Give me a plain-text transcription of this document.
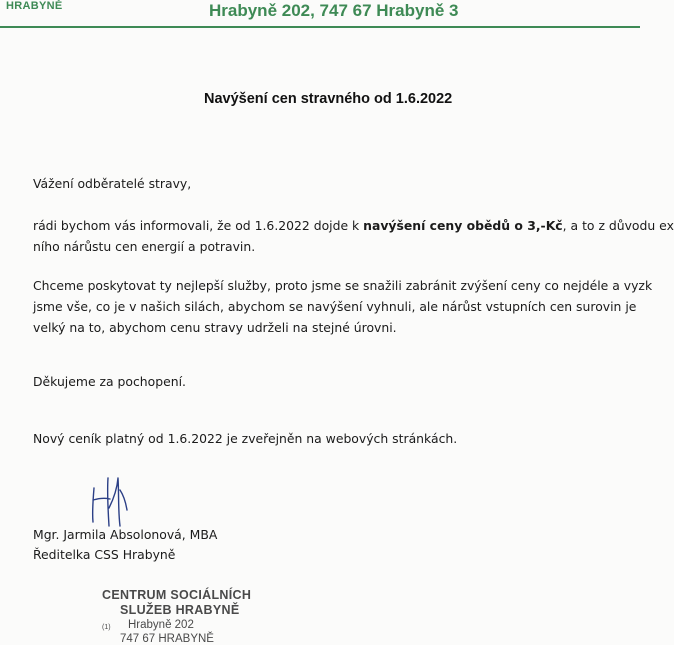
HRABYNĚ	Hrabyně 202, 747 67 Hrabyně 3
Navýšení cen stravného od 1.6.2022
Vážení odběratelé stravy,
rádi bychom vás informovali, že od 1.6.2022 dojde k navýšení ceny obědů o 3,-Kč, a to z důvodu ex
ního nárůstu cen energií a potravin.
Chceme poskytovat ty nejlepší služby, proto jsme se snažili zabránit zvýšení ceny co nejdéle a vyzk
jsme vše, co je v našich silách, abychom se navýšení vyhnuli, ale nárůst vstupních cen surovin je
velký na to, abychom cenu stravy udrželi na stejné úrovni.
Děkujeme za pochopení.
Nový ceník platný od 1.6.2022 je zveřejněn na webových stránkách.
Mgr. Jarmila Absolonová, MBA
Ředitelka CSS Hrabyně
CENTRUM SOCIÁLNÍCH
SLUŽEB HRABYNĚ
(1) Hrabyně 202
747 67 HRABYNĚ
